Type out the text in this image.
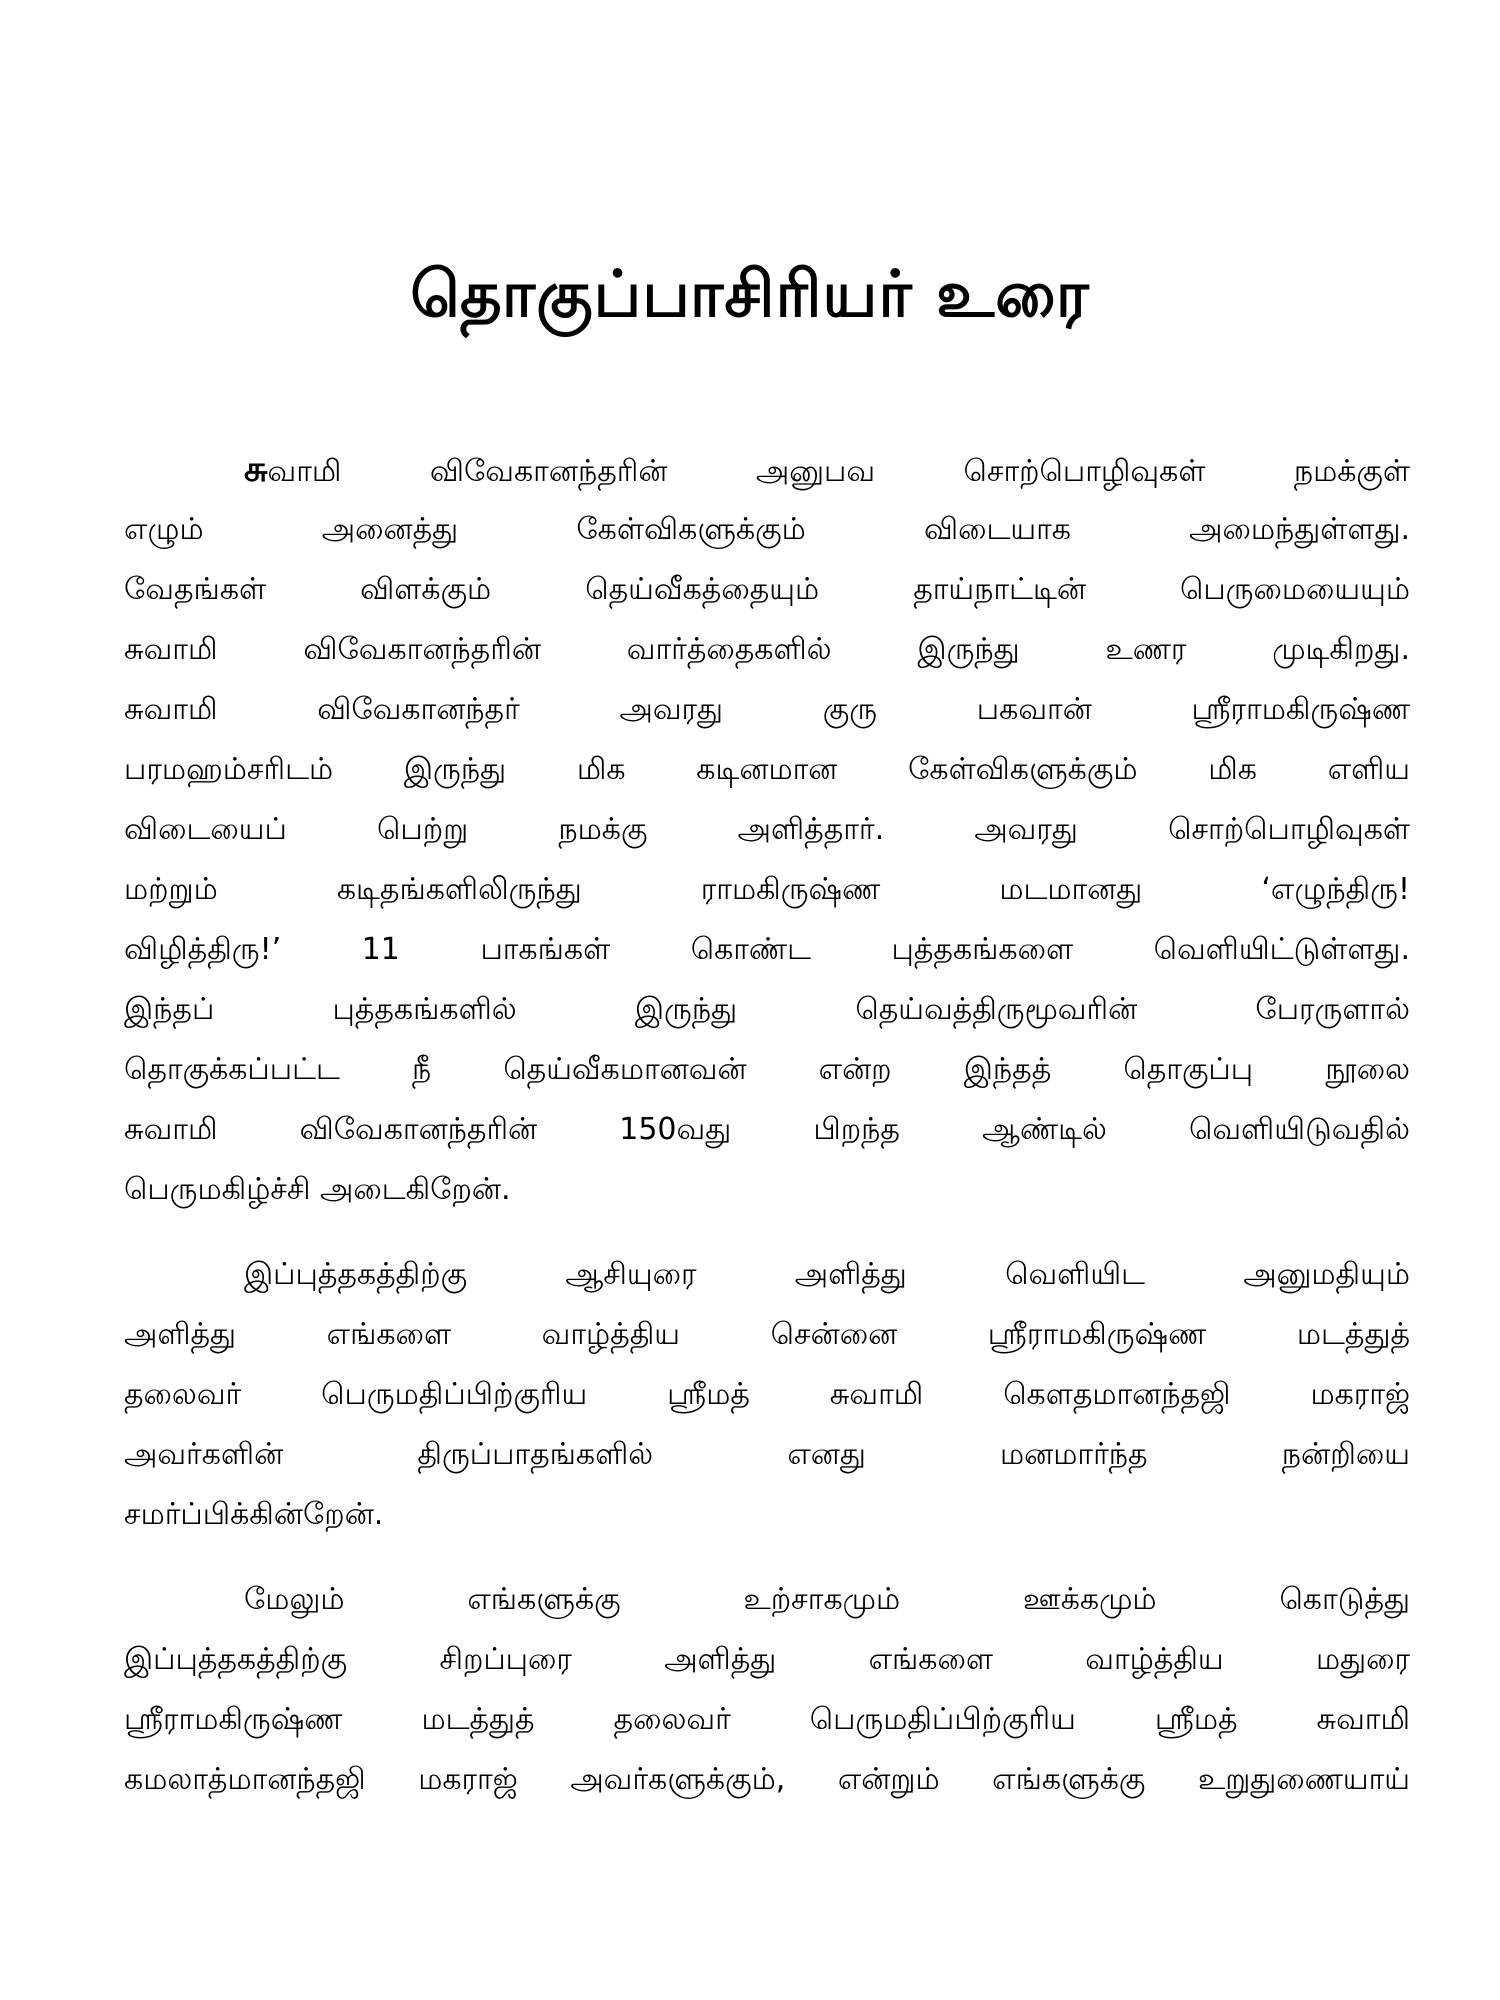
தொகுப்பாசிரியர் உரை
சுவாமி விவேகானந்தரின் அனுபவ சொற்பொழிவுகள் நமக்குள்
எழும் அனைத்து கேள்விகளுக்கும் விடையாக அமைந்துள்ளது.
வேதங்கள் விளக்கும் தெய்வீகத்தையும் தாய்நாட்டின் பெருமையையும்
சுவாமி விவேகானந்தரின் வார்த்தைகளில் இருந்து உணர முடிகிறது.
சுவாமி விவேகானந்தர் அவரது குரு பகவான் ஸ்ரீராமகிருஷ்ண
பரமஹம்சரிடம் இருந்து மிக கடினமான கேள்விகளுக்கும் மிக எளிய
விடையைப் பெற்று நமக்கு அளித்தார். அவரது சொற்பொழிவுகள்
மற்றும் கடிதங்களிலிருந்து ராமகிருஷ்ண மடமானது ‘எழுந்திரு!
விழித்திரு!’ 11 பாகங்கள் கொண்ட புத்தகங்களை வெளியிட்டுள்ளது.
இந்தப் புத்தகங்களில் இருந்து தெய்வத்திருமூவரின் பேரருளால்
தொகுக்கப்பட்ட நீ தெய்வீகமானவன் என்ற இந்தத் தொகுப்பு நூலை
சுவாமி விவேகானந்தரின் 150வது பிறந்த ஆண்டில் வெளியிடுவதில்
பெருமகிழ்ச்சி அடைகிறேன்.
இப்புத்தகத்திற்கு ஆசியுரை அளித்து வெளியிட அனுமதியும்
அளித்து எங்களை வாழ்த்திய சென்னை ஸ்ரீராமகிருஷ்ண மடத்துத்
தலைவர் பெருமதிப்பிற்குரிய ஸ்ரீமத் சுவாமி கௌதமானந்தஜி மகராஜ்
அவர்களின் திருப்பாதங்களில் எனது மனமார்ந்த நன்றியை
சமர்ப்பிக்கின்றேன்.
மேலும் எங்களுக்கு உற்சாகமும் ஊக்கமும் கொடுத்து
இப்புத்தகத்திற்கு சிறப்புரை அளித்து எங்களை வாழ்த்திய மதுரை
ஸ்ரீராமகிருஷ்ண மடத்துத் தலைவர் பெருமதிப்பிற்குரிய ஸ்ரீமத் சுவாமி
கமலாத்மானந்தஜி மகராஜ் அவர்களுக்கும், என்றும் எங்களுக்கு உறுதுணையாய்
